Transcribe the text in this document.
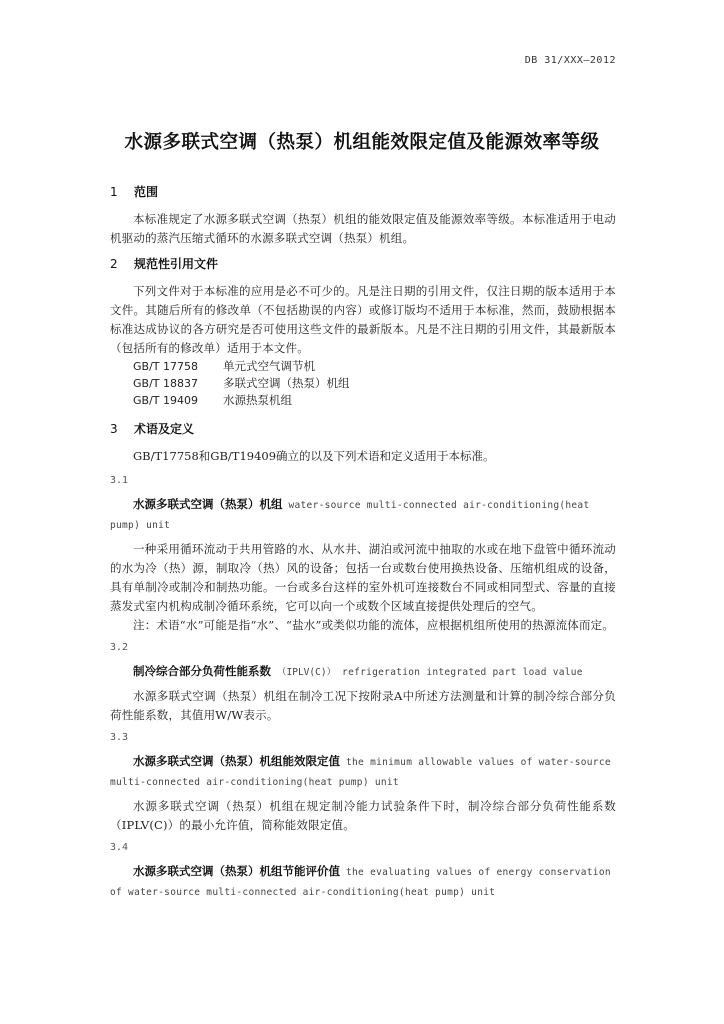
DB 31/XXX—2012
水源多联式空调（热泵）机组能效限定值及能源效率等级
1 范围

本标准规定了水源多联式空调（热泵）机组的能效限定值及能源效率等级。本标准适用于电动机驱动的蒸汽压缩式循环的水源多联式空调（热泵）机组。

2 规范性引用文件

下列文件对于本标准的应用是必不可少的。凡是注日期的引用文件，仅注日期的版本适用于本文件。其随后所有的修改单（不包括勘误的内容）或修订版均不适用于本标准，然而，鼓励根据本标准达成协议的各方研究是否可使用这些文件的最新版本。凡是不注日期的引用文件，其最新版本（包括所有的修改单）适用于本文件。

GB/T 17758 单元式空气调节机
GB/T 18837 多联式空调（热泵）机组
GB/T 19409 水源热泵机组
3 术语及定义

GB/T17758和GB/T19409确立的以及下列术语和定义适用于本标准。

3.1

水源多联式空调（热泵）机组 water-source multi-connected air-conditioning(heat pump) unit

一种采用循环流动于共用管路的水、从水井、湖泊或河流中抽取的水或在地下盘管中循环流动的水为冷（热）源，制取冷（热）风的设备；包括一台或数台使用换热设备、压缩机组成的设备，具有单制冷或制冷和制热功能。一台或多台这样的室外机可连接数台不同或相同型式、容量的直接蒸发式室内机构成制冷循环系统，它可以向一个或数个区域直接提供处理后的空气。

注：术语“水”可能是指“水”、“盐水”或类似功能的流体，应根据机组所使用的热源流体而定。

3.2

制冷综合部分负荷性能系数 （IPLV(C)） refrigeration integrated part load value

水源多联式空调（热泵）机组在制冷工况下按附录A中所述方法测量和计算的制冷综合部分负荷性能系数，其值用W/W表示。

3.3

水源多联式空调（热泵）机组能效限定值 the minimum allowable values of water-source multi-connected air-conditioning(heat pump) unit

水源多联式空调（热泵）机组在规定制冷能力试验条件下时，制冷综合部分负荷性能系数（IPLV(C)）的最小允许值，简称能效限定值。

3.4

水源多联式空调（热泵）机组节能评价值 the evaluating values of energy conservation of water-source multi-connected air-conditioning(heat pump) unit
